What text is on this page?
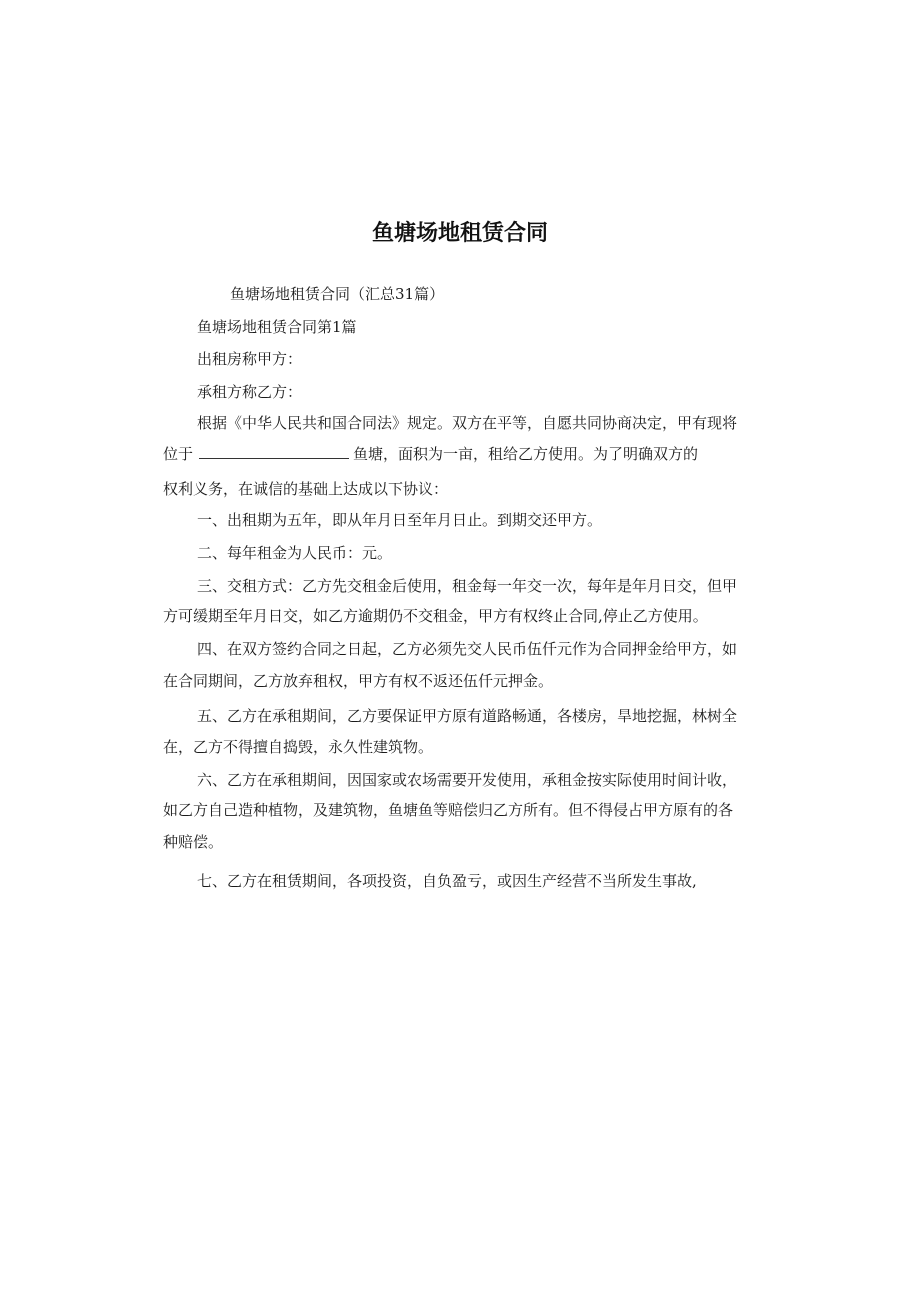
鱼塘场地租赁合同
鱼塘场地租赁合同（汇总31篇）
鱼塘场地租赁合同第1篇
出租房称甲方：
承租方称乙方：
根据《中华人民共和国合同法》规定。双方在平等，自愿共同协商决定，甲有现将
位于	鱼塘，面积为一亩，租给乙方使用。为了明确双方的
权利义务，在诚信的基础上达成以下协议：
一、出租期为五年，即从年月日至年月日止。到期交还甲方。
二、每年租金为人民币：元。
三、交租方式：乙方先交租金后使用，租金每一年交一次，每年是年月日交，但甲
方可缓期至年月日交，如乙方逾期仍不交租金，甲方有权终止合同,停止乙方使用。
四、在双方签约合同之日起，乙方必须先交人民币伍仟元作为合同押金给甲方，如
在合同期间，乙方放弃租权，甲方有权不返还伍仟元押金。
五、乙方在承租期间，乙方要保证甲方原有道路畅通，各楼房，旱地挖掘，林树全
在，乙方不得擅自捣毁，永久性建筑物。
六、乙方在承租期间，因国家或农场需要开发使用，承租金按实际使用时间计收，
如乙方自己造种植物，及建筑物，鱼塘鱼等赔偿归乙方所有。但不得侵占甲方原有的各
种赔偿。
七、乙方在租赁期间，各项投资，自负盈亏，或因生产经营不当所发生事故,
